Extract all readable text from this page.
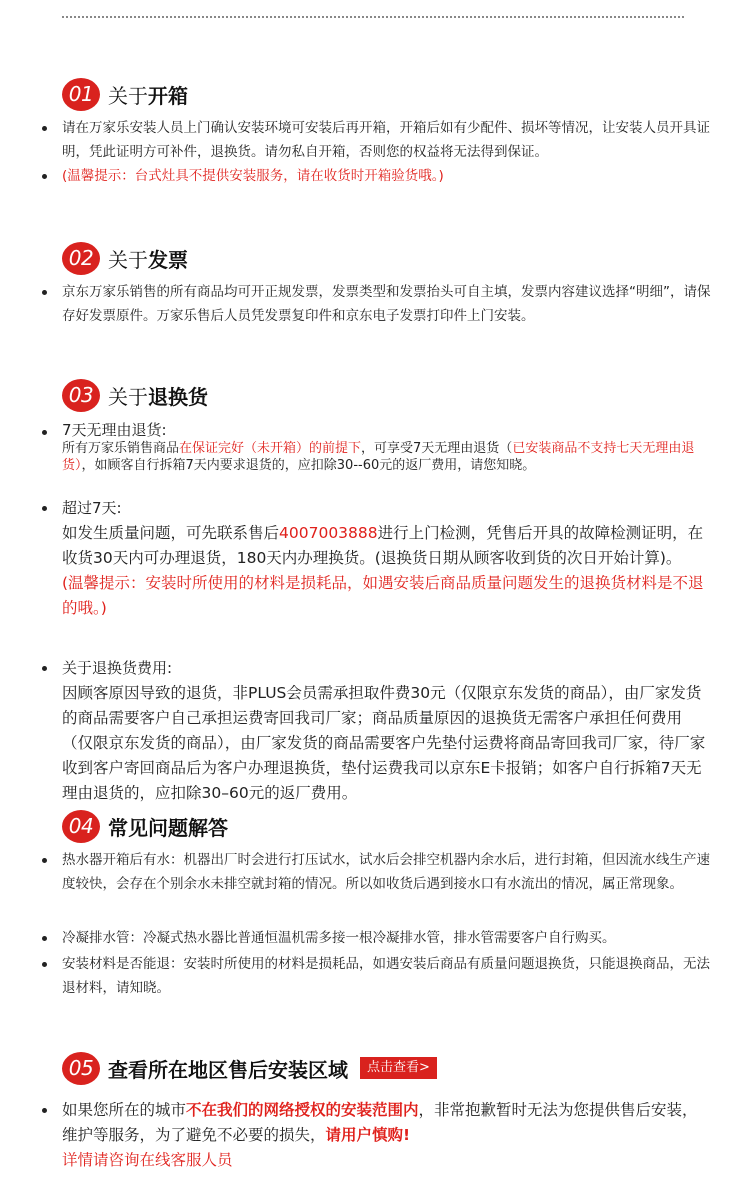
01 关于开箱
请在万家乐安装人员上门确认安装环境可安装后再开箱，开箱后如有少配件、损坏等情况，让安装人员开具证明，凭此证明方可补件，退换货。请勿私自开箱，否则您的权益将无法得到保证。
(温馨提示：台式灶具不提供安装服务，请在收货时开箱验货哦。)
02 关于发票
京东万家乐销售的所有商品均可开正规发票，发票类型和发票抬头可自主填，发票内容建议选择“明细”，请保存好发票原件。万家乐售后人员凭发票复印件和京东电子发票打印件上门安装。
03 关于退换货
7天无理由退货:
所有万家乐销售商品在保证完好（未开箱）的前提下，可享受7天无理由退货（已安装商品不支持七天无理由退货），如顾客自行拆箱7天内要求退货的，应扣除30--60元的返厂费用，请您知晓。
超过7天:
如发生质量问题，可先联系售后4007003888进行上门检测，凭售后开具的故障检测证明，在收货30天内可办理退货，180天内办理换货。(退换货日期从顾客收到货的次日开始计算)。
(温馨提示：安装时所使用的材料是损耗品，如遇安装后商品质量问题发生的退换货材料是不退的哦。)
关于退换货费用:
因顾客原因导致的退货，非PLUS会员需承担取件费30元（仅限京东发货的商品），由厂家发货的商品需要客户自己承担运费寄回我司厂家；商品质量原因的退换货无需客户承担任何费用（仅限京东发货的商品），由厂家发货的商品需要客户先垫付运费将商品寄回我司厂家，待厂家收到客户寄回商品后为客户办理退换货，垫付运费我司以京东E卡报销；如客户自行拆箱7天无理由退货的，应扣除30–60元的返厂费用。
04 常见问题解答
热水器开箱后有水：机器出厂时会进行打压试水，试水后会排空机器内余水后，进行封箱，但因流水线生产速度较快，会存在个别余水未排空就封箱的情况。所以如收货后遇到接水口有水流出的情况，属正常现象。
冷凝排水管：冷凝式热水器比普通恒温机需多接一根冷凝排水管，排水管需要客户自行购买。
安装材料是否能退：安装时所使用的材料是损耗品，如遇安装后商品有质量问题退换货，只能退换商品，无法退材料，请知晓。
05 查看所在地区售后安装区域	点击查看>
如果您所在的城市不在我们的网络授权的安装范围内，非常抱歉暂时无法为您提供售后安装，维护等服务，为了避免不必要的损失，请用户慎购!
详情请咨询在线客服人员
